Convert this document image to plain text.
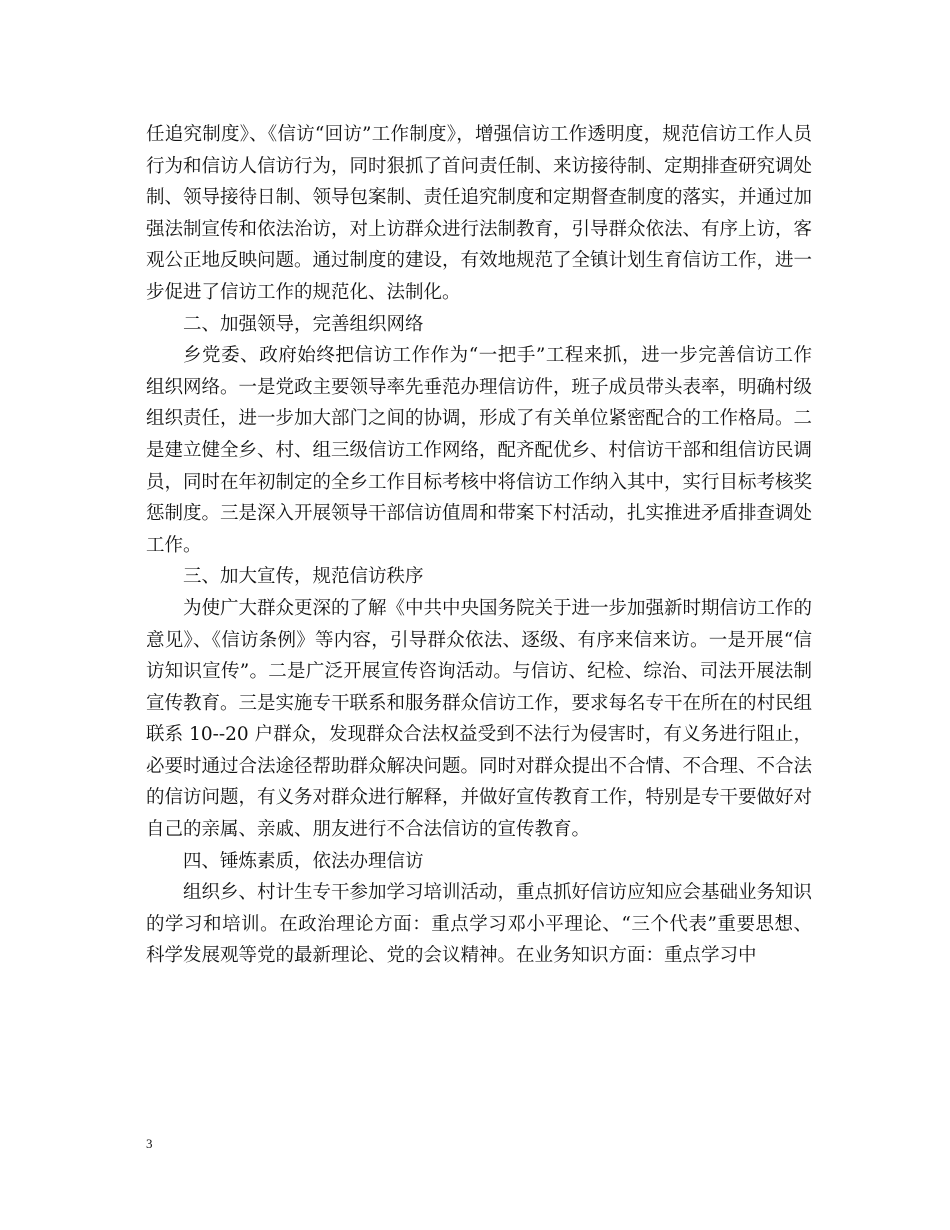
任追究制度》、《信访“回访”工作制度》，增强信访工作透明度，规范信访工作人员行为和信访人信访行为，同时狠抓了首问责任制、来访接待制、定期排查研究调处制、领导接待日制、领导包案制、责任追究制度和定期督查制度的落实，并通过加强法制宣传和依法治访，对上访群众进行法制教育，引导群众依法、有序上访，客观公正地反映问题。通过制度的建设，有效地规范了全镇计划生育信访工作，进一步促进了信访工作的规范化、法制化。

二、加强领导，完善组织网络

乡党委、政府始终把信访工作作为“一把手”工程来抓，进一步完善信访工作组织网络。一是党政主要领导率先垂范办理信访件，班子成员带头表率，明确村级组织责任，进一步加大部门之间的协调，形成了有关单位紧密配合的工作格局。二是建立健全乡、村、组三级信访工作网络，配齐配优乡、村信访干部和组信访民调员，同时在年初制定的全乡工作目标考核中将信访工作纳入其中，实行目标考核奖惩制度。三是深入开展领导干部信访值周和带案下村活动，扎实推进矛盾排查调处工作。

三、加大宣传，规范信访秩序

为使广大群众更深的了解《中共中央国务院关于进一步加强新时期信访工作的意见》、《信访条例》等内容，引导群众依法、逐级、有序来信来访。一是开展“信访知识宣传”。二是广泛开展宣传咨询活动。与信访、纪检、综治、司法开展法制宣传教育。三是实施专干联系和服务群众信访工作，要求每名专干在所在的村民组联系 10--20 户群众，发现群众合法权益受到不法行为侵害时，有义务进行阻止，必要时通过合法途径帮助群众解决问题。同时对群众提出不合情、不合理、不合法的信访问题，有义务对群众进行解释，并做好宣传教育工作，特别是专干要做好对自己的亲属、亲戚、朋友进行不合法信访的宣传教育。

四、锤炼素质，依法办理信访

组织乡、村计生专干参加学习培训活动，重点抓好信访应知应会基础业务知识的学习和培训。在政治理论方面：重点学习邓小平理论、“三个代表”重要思想、科学发展观等党的最新理论、党的会议精神。在业务知识方面：重点学习中

3
